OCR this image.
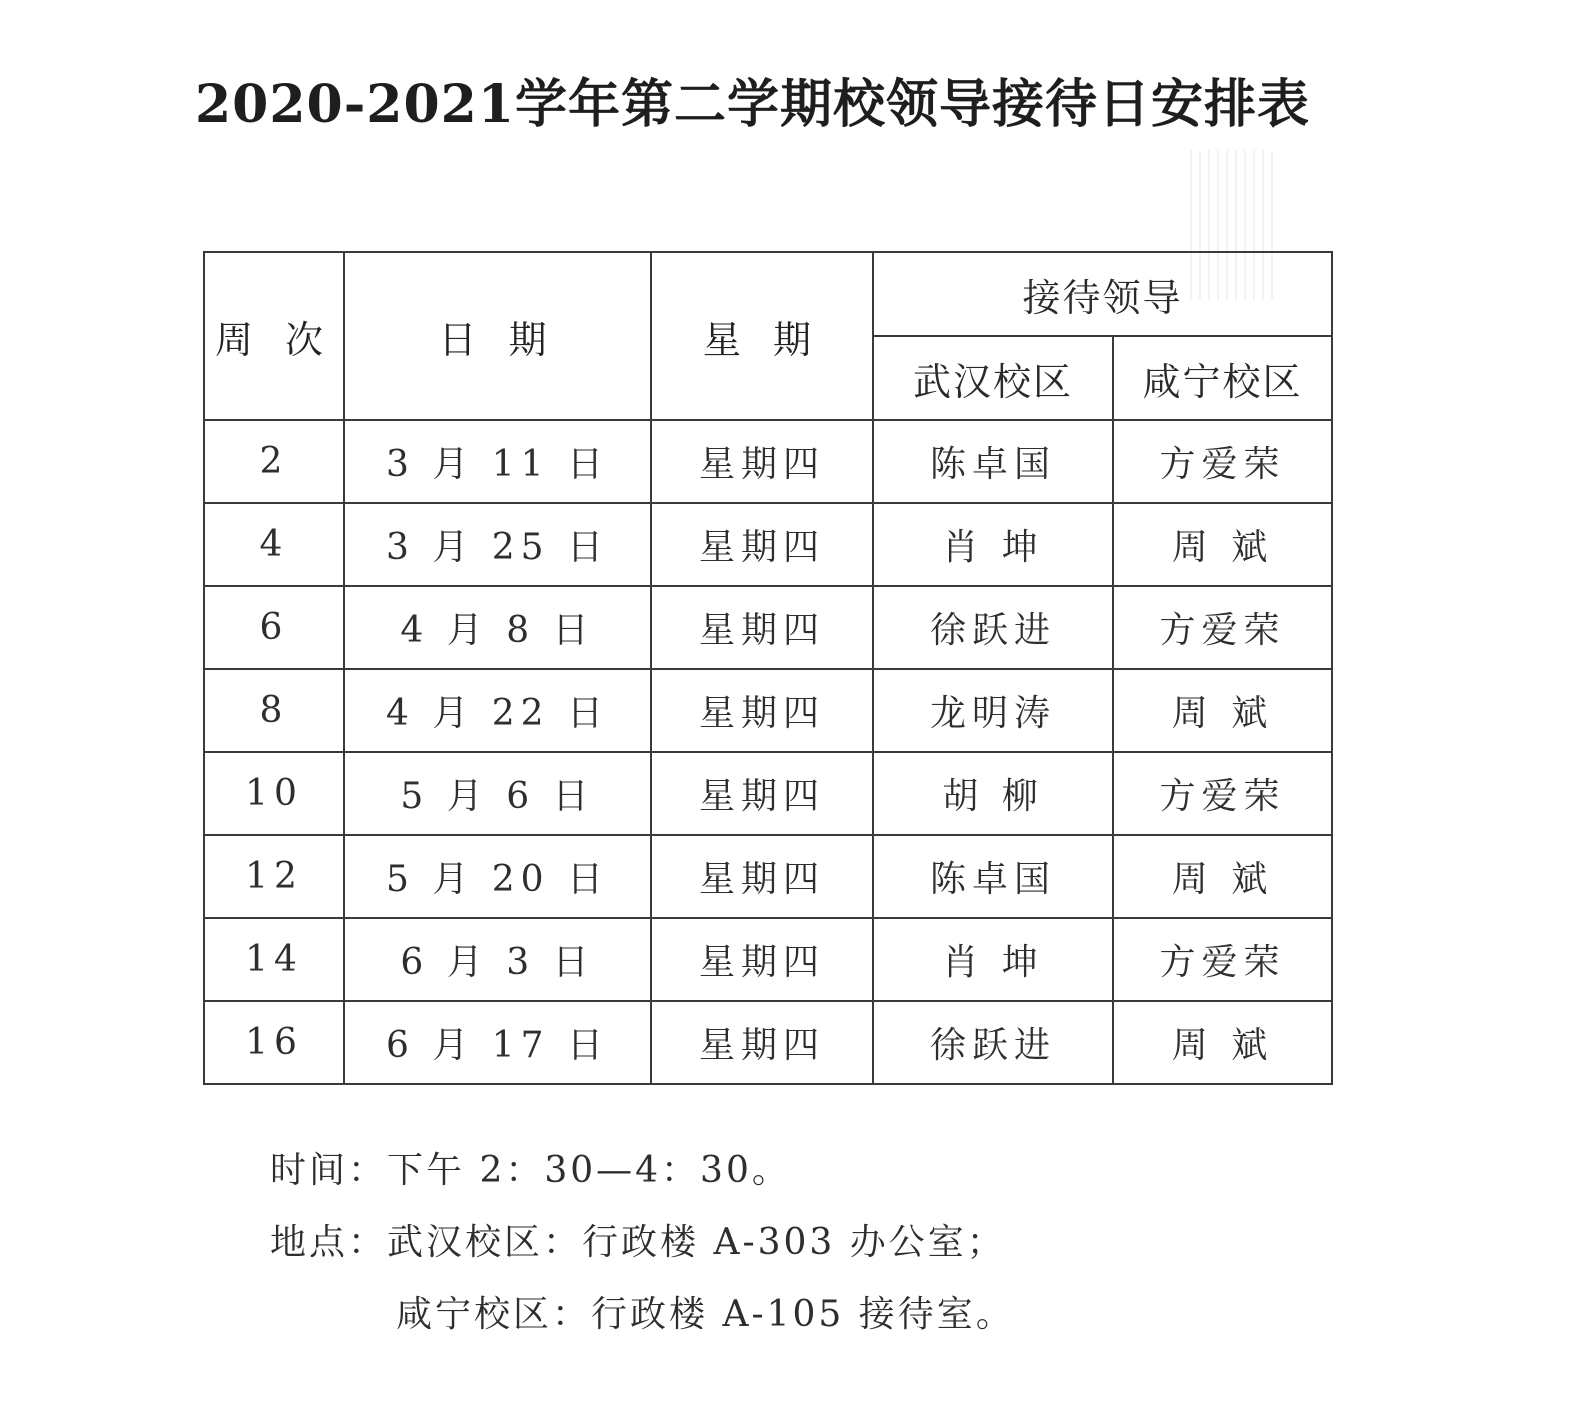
2020-2021学年第二学期校领导接待日安排表
周 次	日 期	星 期	接待领导	
			武汉校区	咸宁校区
2	3 月 11 日	星期四	陈卓国	方爱荣
4	3 月 25 日	星期四	肖 坤	周 斌
6	4 月 8 日	星期四	徐跃进	方爱荣
8	4 月 22 日	星期四	龙明涛	周 斌
10	5 月 6 日	星期四	胡 柳	方爱荣
12	5 月 20 日	星期四	陈卓国	周 斌
14	6 月 3 日	星期四	肖 坤	方爱荣
16	6 月 17 日	星期四	徐跃进	周 斌
时间：下午 2：30—4：30。
地点：武汉校区：行政楼 A-303 办公室；
咸宁校区：行政楼 A-105 接待室。
